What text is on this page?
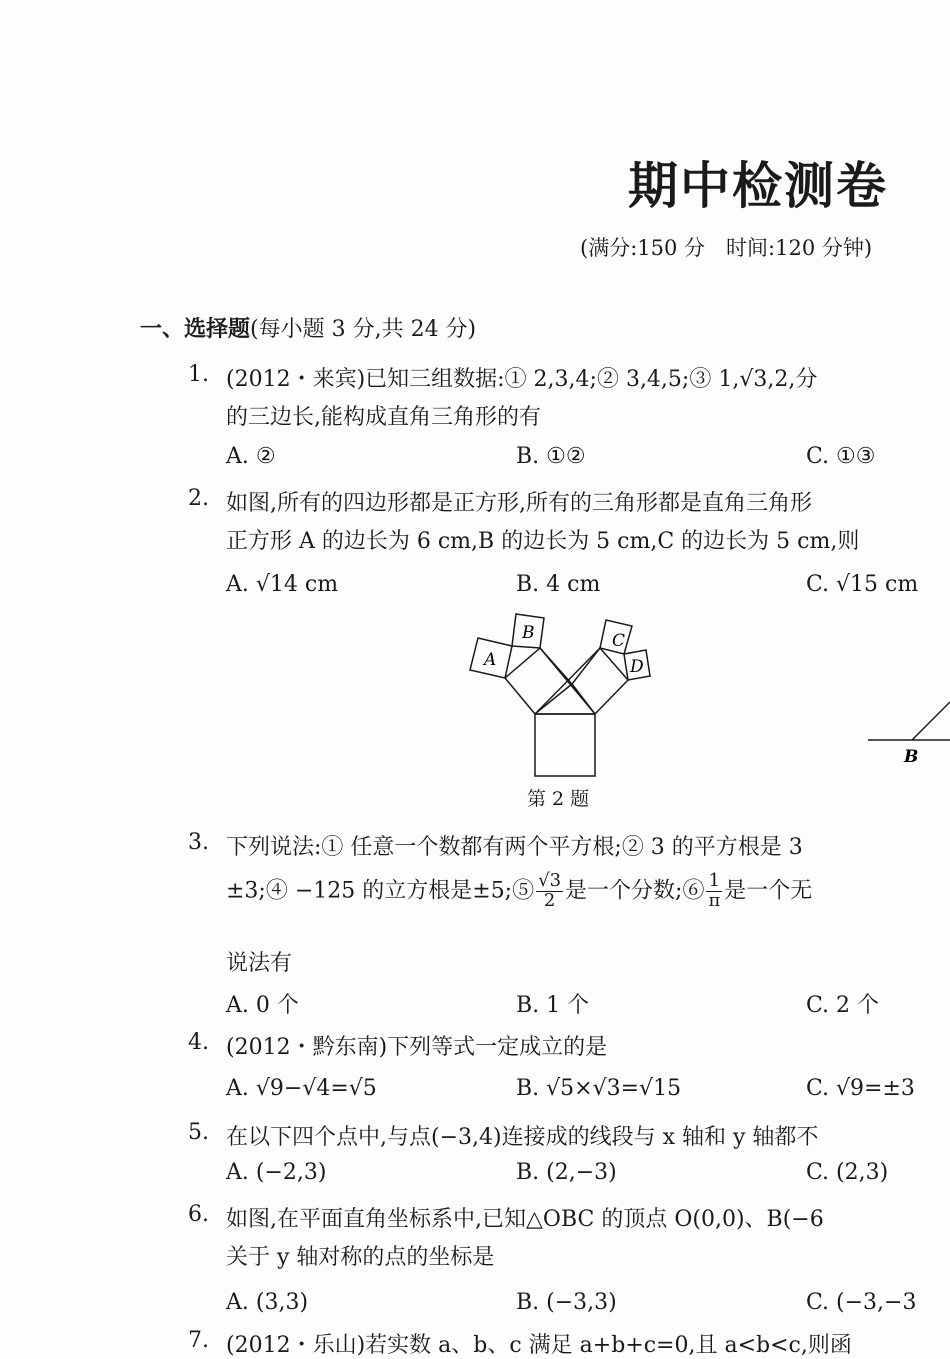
期中检测卷
(满分:150 分　时间:120 分钟)
一、选择题(每小题 3 分,共 24 分)
1. (2012・来宾)已知三组数据:① 2,3,4;② 3,4,5;③ 1,√3,2,分
的三边长,能构成直角三角形的有
A. ②	B. ①②	C. ①③
2. 如图,所有的四边形都是正方形,所有的三角形都是直角三角形
正方形 A 的边长为 6 cm,B 的边长为 5 cm,C 的边长为 5 cm,则
A. √14 cm	B. 4 cm	C. √15 cm
A
B	C
D
第 2 题
B
3. 下列说法:① 任意一个数都有两个平方根;② 3 的平方根是 3
±3;④ −125 的立方根是±5;⑤ $\frac{√3}{2}$ 是一个分数;⑥ $\frac{1}{\pi}$ 是一个无
说法有
A. 0 个	B. 1 个	C. 2 个
4. (2012・黔东南)下列等式一定成立的是
A. √9−√4=√5	B. √5×√3=√15	C. √9=±3
5. 在以下四个点中,与点(−3,4)连接成的线段与 x 轴和 y 轴都不
A. (−2,3)	B. (2,−3)	C. (2,3)
6. 如图,在平面直角坐标系中,已知△OBC 的顶点 O(0,0)、B(−6
关于 y 轴对称的点的坐标是
A. (3,3)	B. (−3,3)	C. (−3,−3
7. (2012・乐山)若实数 a、b、c 满足 a+b+c=0,且 a<b<c,则函
